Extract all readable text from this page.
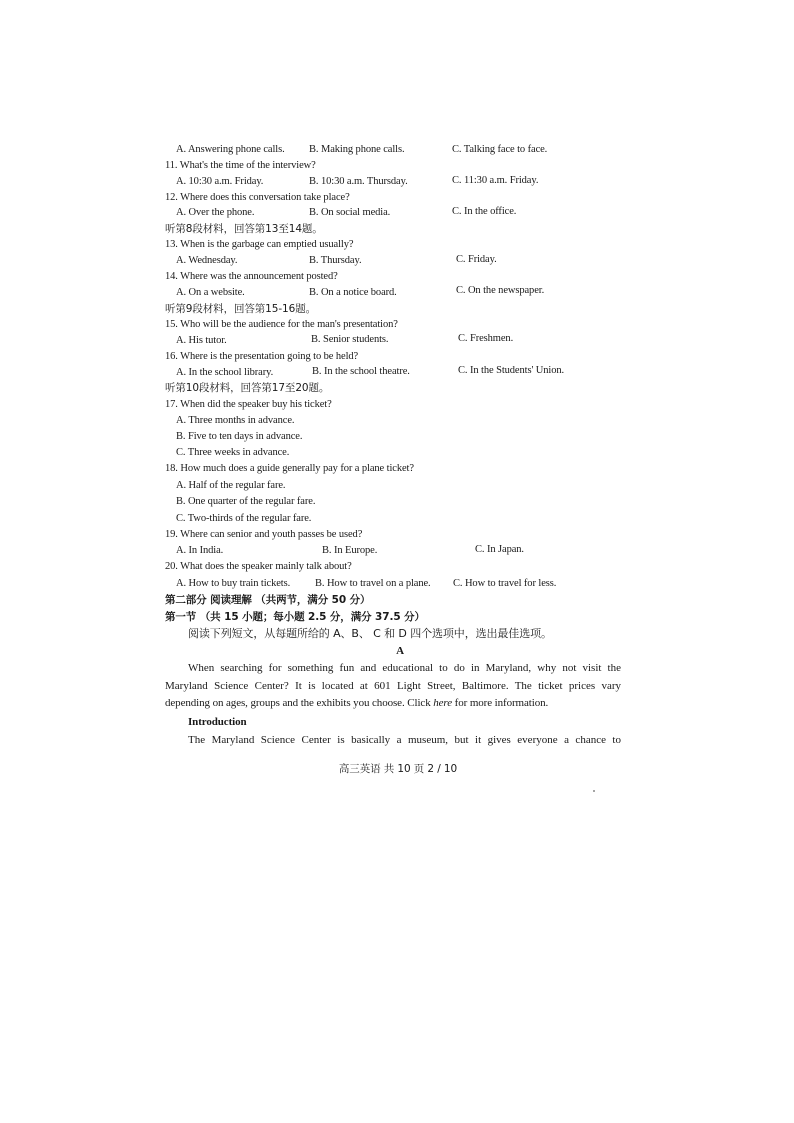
A. Answering phone calls. B. Making phone calls.	C. Talking face to face.
11. What's the time of the interview?
A. 10:30 a.m. Friday.	B. 10:30 a.m. Thursday.	C. 11:30 a.m. Friday.
12. Where does this conversation take place?
A. Over the phone.	B. On social media.	C. In the office.
听第8段材料，回答第13至14题。
13. When is the garbage can emptied usually?
A. Wednesday.	B. Thursday.	C. Friday.
14. Where was the announcement posted?
A. On a website.	B. On a notice board.	C. On the newspaper.
听第9段材料，回答第15-16题。
15. Who will be the audience for the man's presentation?
A. His tutor.	B. Senior students.	C. Freshmen.
16. Where is the presentation going to be held?
A. In the school library.	B. In the school theatre.	C. In the Students' Union.
听第10段材料，回答第17至20题。
17. When did the speaker buy his ticket?
A. Three months in advance.
B. Five to ten days in advance.
C. Three weeks in advance.
18. How much does a guide generally pay for a plane ticket?
A. Half of the regular fare.
B. One quarter of the regular fare.
C. Two-thirds of the regular fare.
19. Where can senior and youth passes be used?
A. In India.	B. In Europe.	C. In Japan.
20. What does the speaker mainly talk about?
A. How to buy train tickets. B. How to travel on a plane. C. How to travel for less.
第二部分 阅读理解 （共两节，满分 50 分）
第一节 （共 15 小题；每小题 2.5 分，满分 37.5 分）
阅读下列短文，从每题所给的 A、B、 C 和 D 四个选项中，选出最佳选项。
A
When searching for something fun and educational to do in Maryland, why not visit the
Maryland Science Center? It is located at 601 Light Street, Baltimore. The ticket prices vary
depending on ages, groups and the exhibits you choose. Click here for more information.
Introduction
The Maryland Science Center is basically a museum, but it gives everyone a chance to
高三英语 共 10 页 2 / 10
